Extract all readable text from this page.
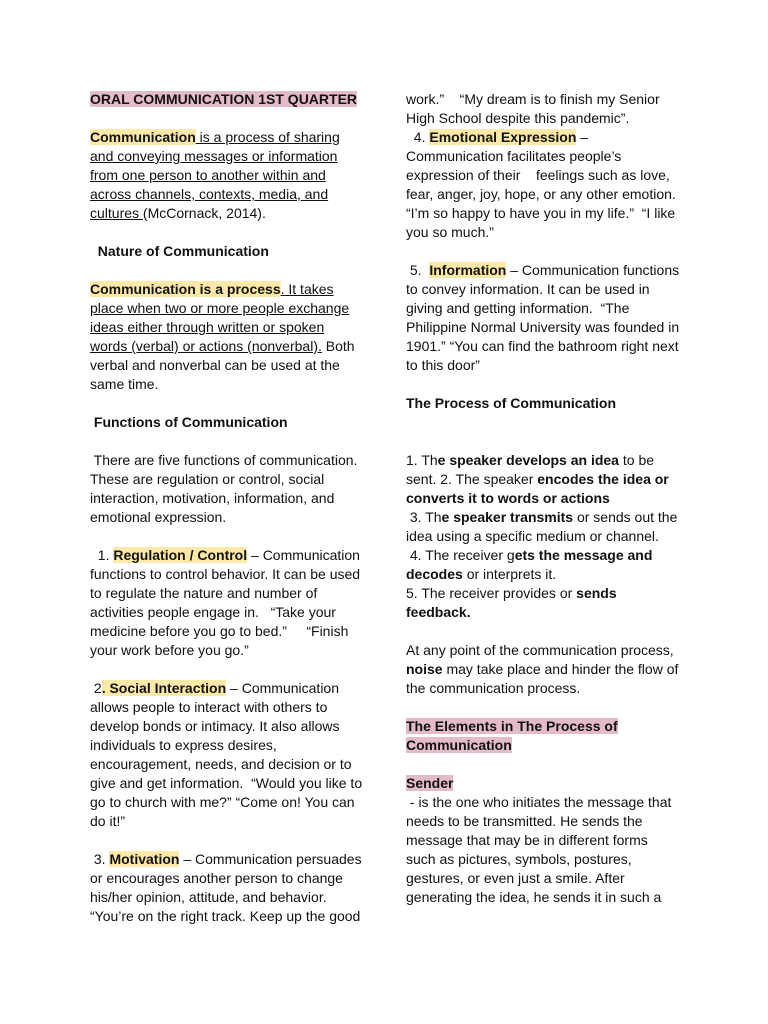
ORAL COMMUNICATION 1ST QUARTER

Communication is a process of sharing

and conveying messages or information

from one person to another within and

across channels, contexts, media, and

cultures (McCornack, 2014).

Nature of Communication

Communication is a process. It takes

place when two or more people exchange

ideas either through written or spoken

words (verbal) or actions (nonverbal). Both

verbal and nonverbal can be used at the

same time.

Functions of Communication

There are five functions of communication.

These are regulation or control, social

interaction, motivation, information, and

emotional expression.

1. Regulation / Control – Communication

functions to control behavior. It can be used

to regulate the nature and number of

activities people engage in.   “Take your

medicine before you go to bed.”     “Finish

your work before you go.”

2. Social Interaction – Communication

allows people to interact with others to

develop bonds or intimacy. It also allows

individuals to express desires,

encouragement, needs, and decision or to

give and get information.  “Would you like to

go to church with me?” “Come on! You can

do it!”

3. Motivation – Communication persuades

or encourages another person to change

his/her opinion, attitude, and behavior.

“You’re on the right track. Keep up the good

work.”    “My dream is to finish my Senior

High School despite this pandemic”.

4. Emotional Expression –

Communication facilitates people’s

expression of their    feelings such as love,

fear, anger, joy, hope, or any other emotion.

“I’m so happy to have you in my life.”  “I like

you so much.”

5.  Information – Communication functions

to convey information. It can be used in

giving and getting information.  “The

Philippine Normal University was founded in

1901.” “You can find the bathroom right next

to this door”

The Process of Communication

1. The speaker develops an idea to be

sent. 2. The speaker encodes the idea or

converts it to words or actions

3. The speaker transmits or sends out the

idea using a specific medium or channel.

4. The receiver gets the message and

decodes or interprets it.

5. The receiver provides or sends

feedback.

At any point of the communication process,

noise may take place and hinder the flow of

the communication process.

The Elements in The Process of

Communication

Sender

- is the one who initiates the message that

needs to be transmitted. He sends the

message that may be in different forms

such as pictures, symbols, postures,

gestures, or even just a smile. After

generating the idea, he sends it in such a
